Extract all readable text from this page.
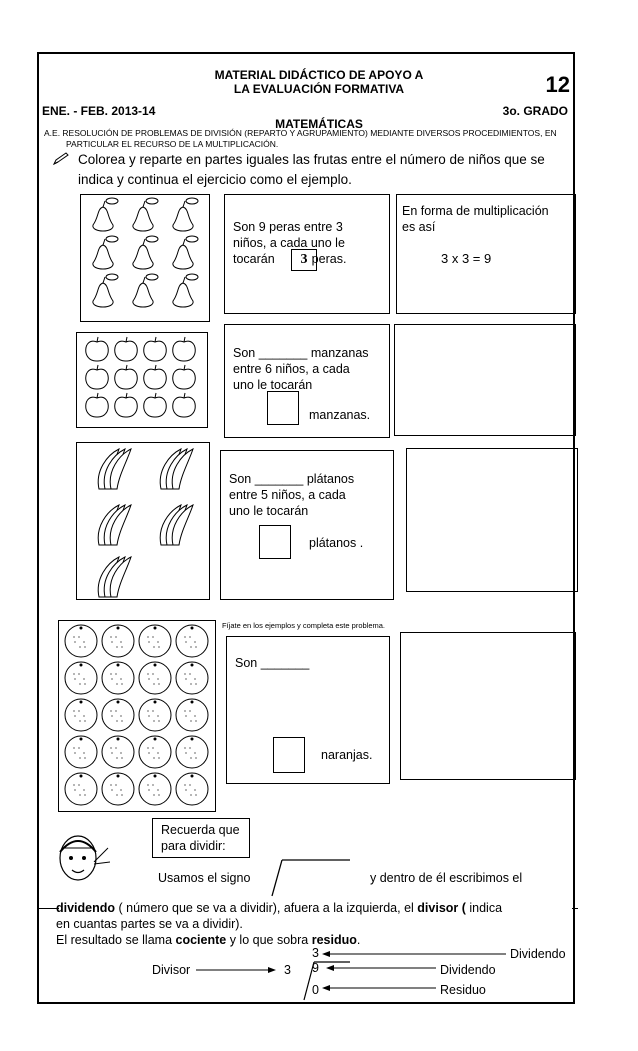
MATERIAL DIDÁCTICO DE APOYO A
LA EVALUACIÓN FORMATIVA	12
ENE. - FEB. 2013-14	3o. GRADO
MATEMÁTICAS
A.E. RESOLUCIÓN DE PROBLEMAS DE DIVISIÓN (REPARTO Y AGRUPAMIENTO) MEDIANTE DIVERSOS PROCEDIMIENTOS, EN
PARTICULAR EL RECURSO DE LA MULTIPLICACIÓN.
Colorea y reparte en partes iguales las frutas entre el número de niños que se
indica y continua el ejercicio como el ejemplo.
Son 9 peras entre 3
niños, a cada uno le
tocarán	peras.
3
En forma de multiplicación
es así
3 x 3 = 9
Son _______ manzanas
entre 6 niños, a cada
uno le tocarán
manzanas.
Son _______ plátanos
entre 5 niños, a cada
uno le tocarán
plátanos .
Fíjate en los ejemplos y completa este problema.
Son _______
naranjas.
Recuerda que
para dividir:
Usamos el signo	y dentro de él escribimos el
dividendo ( número que se va a dividir), afuera a la izquierda, el divisor ( indica
en cuantas partes se va a dividir).
El resultado se llama cociente y lo que sobra residuo.
3
3 9
0
Divisor
Dividendo
Dividendo
Residuo
